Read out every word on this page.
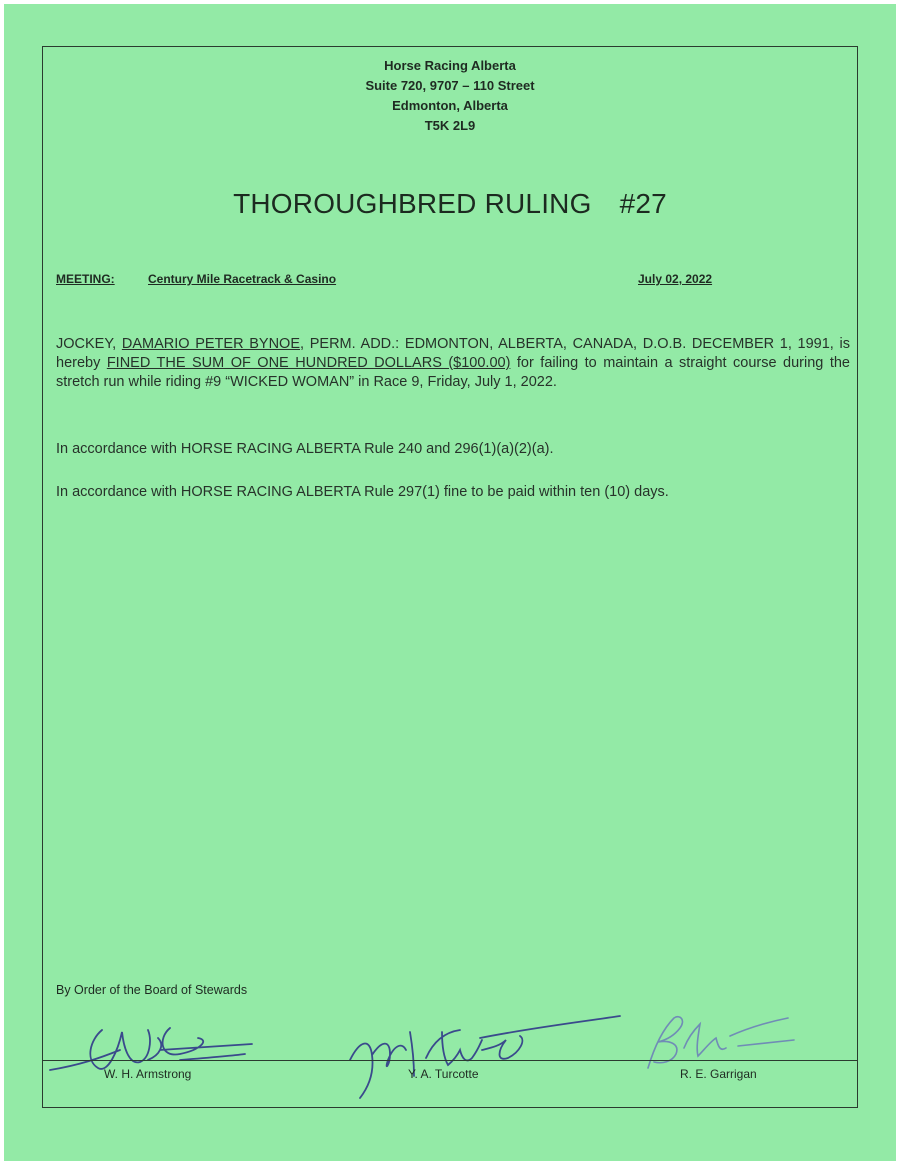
Horse Racing Alberta
Suite 720, 9707 – 110 Street
Edmonton, Alberta
T5K 2L9
THOROUGHBRED RULING #27
MEETING:	Century Mile Racetrack & Casino	July 02, 2022
JOCKEY, DAMARIO PETER BYNOE, PERM. ADD.: EDMONTON, ALBERTA, CANADA, D.O.B. DECEMBER 1, 1991, is hereby FINED THE SUM OF ONE HUNDRED DOLLARS ($100.00) for failing to maintain a straight course during the stretch run while riding #9 “WICKED WOMAN” in Race 9, Friday, July 1, 2022.
In accordance with HORSE RACING ALBERTA Rule 240 and 296(1)(a)(2)(a).
In accordance with HORSE RACING ALBERTA Rule 297(1) fine to be paid within ten (10) days.
By Order of the Board of Stewards
W. H. Armstrong	Y. A. Turcotte	R. E. Garrigan
